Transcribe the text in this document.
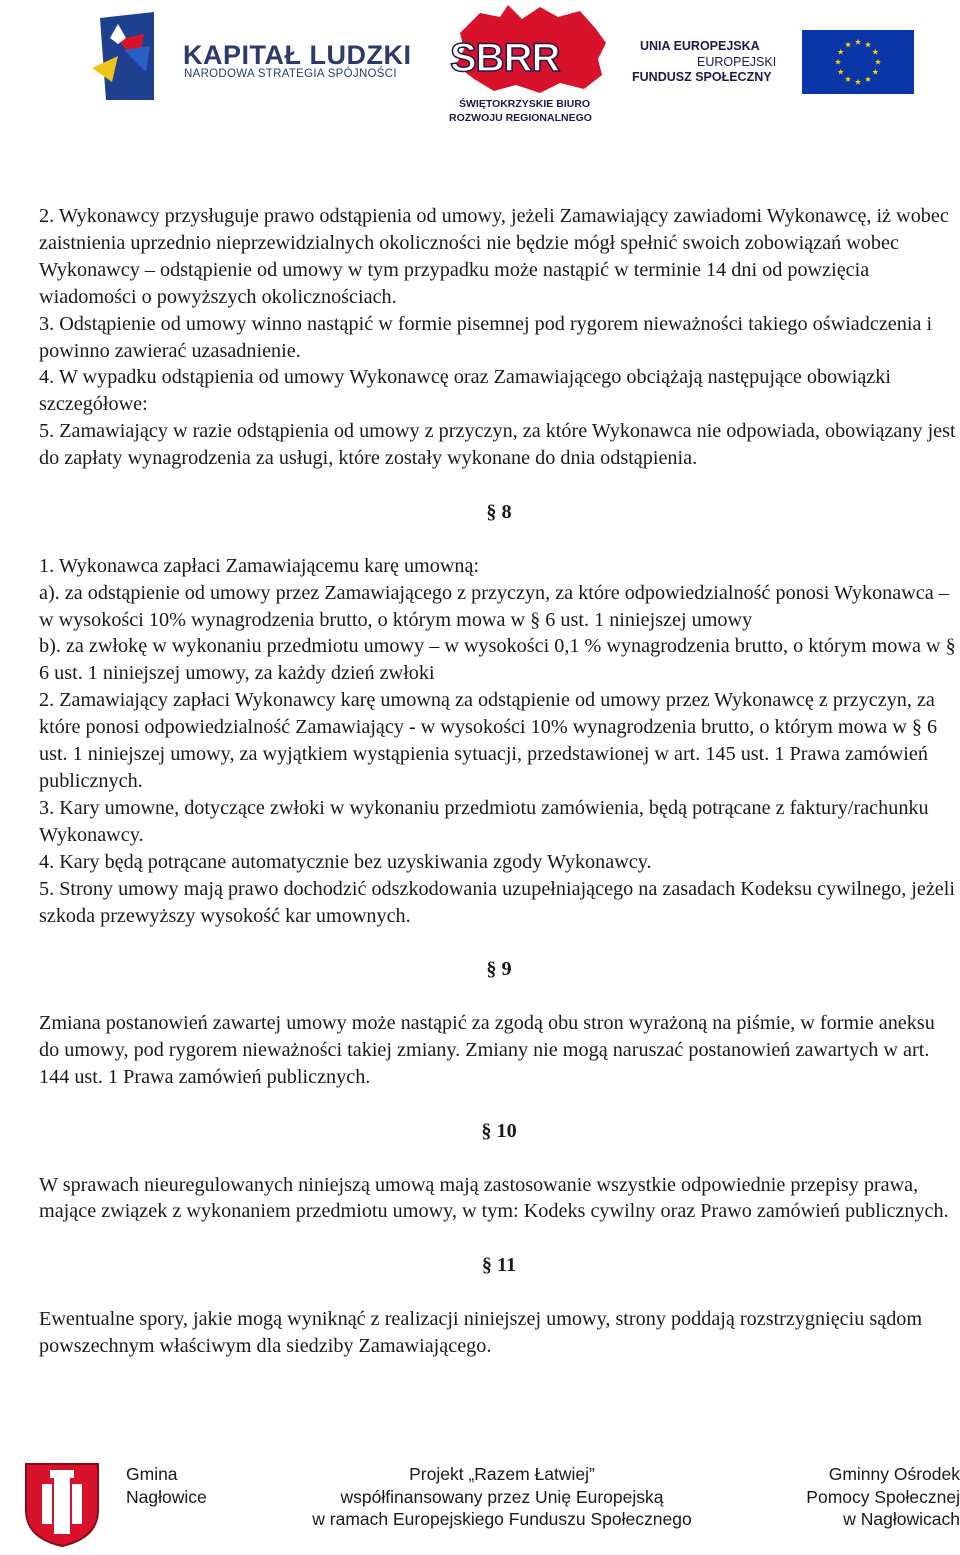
KAPITAŁ LUDZKI
NARODOWA STRATEGIA SPÓJNOŚCI SBRR
ŚWIĘTOKRZYSKIE BIURO
ROZWOJU REGIONALNEGO
UNIA EUROPEJSKA
EUROPEJSKI
FUNDUSZ SPOŁECZNY

2. Wykonawcy przysługuje prawo odstąpienia od umowy, jeżeli Zamawiający zawiadomi Wykonawcę, iż wobec zaistnienia uprzednio nieprzewidzialnych okoliczności nie będzie mógł spełnić swoich zobowiązań wobec Wykonawcy – odstąpienie od umowy w tym przypadku może nastąpić w terminie 14 dni od powzięcia wiadomości o powyższych okolicznościach.

3. Odstąpienie od umowy winno nastąpić w formie pisemnej pod rygorem nieważności takiego oświadczenia i powinno zawierać uzasadnienie.

4. W wypadku odstąpienia od umowy Wykonawcę oraz Zamawiającego obciążają następujące obowiązki szczegółowe:

5. Zamawiający w razie odstąpienia od umowy z przyczyn, za które Wykonawca nie odpowiada, obowiązany jest do zapłaty wynagrodzenia za usługi, które zostały wykonane do dnia odstąpienia.

§ 8

1. Wykonawca zapłaci Zamawiającemu karę umowną:

a). za odstąpienie od umowy przez Zamawiającego z przyczyn, za które odpowiedzialność ponosi Wykonawca – w wysokości 10% wynagrodzenia brutto, o którym mowa w § 6 ust. 1 niniejszej umowy

b). za zwłokę w wykonaniu przedmiotu umowy – w wysokości 0,1 % wynagrodzenia brutto, o którym mowa w § 6 ust. 1 niniejszej umowy, za każdy dzień zwłoki

2. Zamawiający zapłaci Wykonawcy karę umowną za odstąpienie od umowy przez Wykonawcę z przyczyn, za które ponosi odpowiedzialność Zamawiający - w wysokości 10% wynagrodzenia brutto, o którym mowa w § 6 ust. 1 niniejszej umowy, za wyjątkiem wystąpienia sytuacji, przedstawionej w art. 145 ust. 1 Prawa zamówień publicznych.

3. Kary umowne, dotyczące zwłoki w wykonaniu przedmiotu zamówienia, będą potrącane z faktury/rachunku Wykonawcy.

4. Kary będą potrącane automatycznie bez uzyskiwania zgody Wykonawcy.

5. Strony umowy mają prawo dochodzić odszkodowania uzupełniającego na zasadach Kodeksu cywilnego, jeżeli szkoda przewyższy wysokość kar umownych.

§ 9

Zmiana postanowień zawartej umowy może nastąpić za zgodą obu stron wyrażoną na piśmie, w formie aneksu do umowy, pod rygorem nieważności takiej zmiany. Zmiany nie mogą naruszać postanowień zawartych w art. 144 ust. 1 Prawa zamówień publicznych.

§ 10

W sprawach nieuregulowanych niniejszą umową mają zastosowanie wszystkie odpowiednie przepisy prawa, mające związek z wykonaniem przedmiotu umowy, w tym: Kodeks cywilny oraz Prawo zamówień publicznych.

§ 11

Ewentualne spory, jakie mogą wyniknąć z realizacji niniejszej umowy, strony poddają rozstrzygnięciu sądom powszechnym właściwym dla siedziby Zamawiającego.

Gmina
Nagłowice
Projekt „Razem Łatwiej”
współfinansowany przez Unię Europejską
w ramach Europejskiego Funduszu Społecznego
Gminny Ośrodek
Pomocy Społecznej
w Nagłowicach
